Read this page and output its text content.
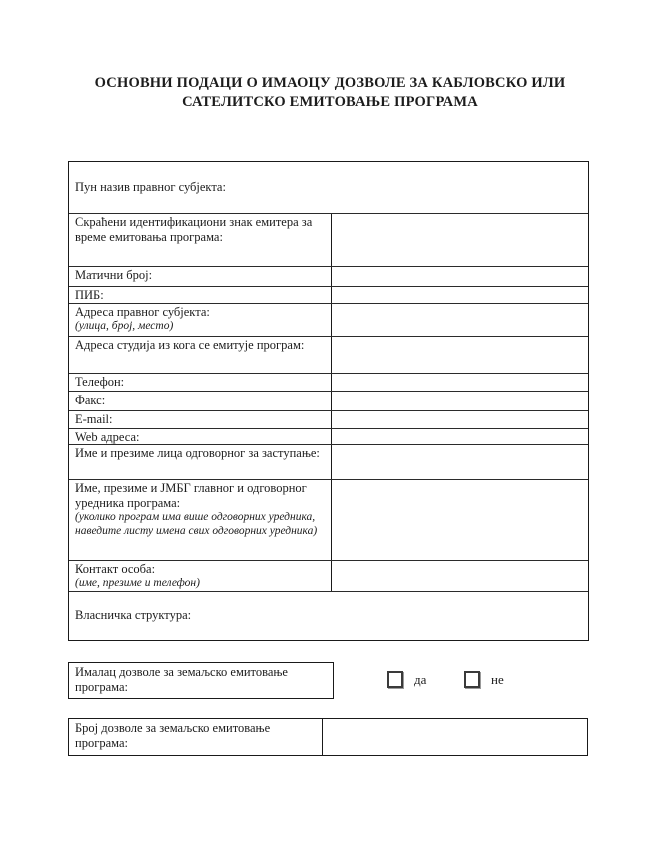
ОСНОВНИ ПОДАЦИ О ИМАОЦУ ДОЗВОЛЕ ЗА КАБЛОВСКО ИЛИ
САТЕЛИТСКО ЕМИТОВАЊЕ ПРОГРАМА
Пун назив правног субјекта:
Скраћени идентификациони знак емитера за време емитовања програма:
Матични број:
ПИБ:
Адреса правног субјекта:
(улица, број, место)
Адреса студија из кога се емитује програм:
Телефон:
Факс:
E-mail:
Web адреса:
Име и презиме лица одговорног за заступање:
Име, презиме и ЈМБГ главног и одговорног уредника програма:
(уколико програм има више одговорних уредника, наведите листу имена свих одговорних уредника)
Контакт особа:
(име, презиме и телефон)
Власничка структура:
Ималац дозволе за земаљско емитовање програма:
да	не
Број дозволе за земаљско емитовање програма:
